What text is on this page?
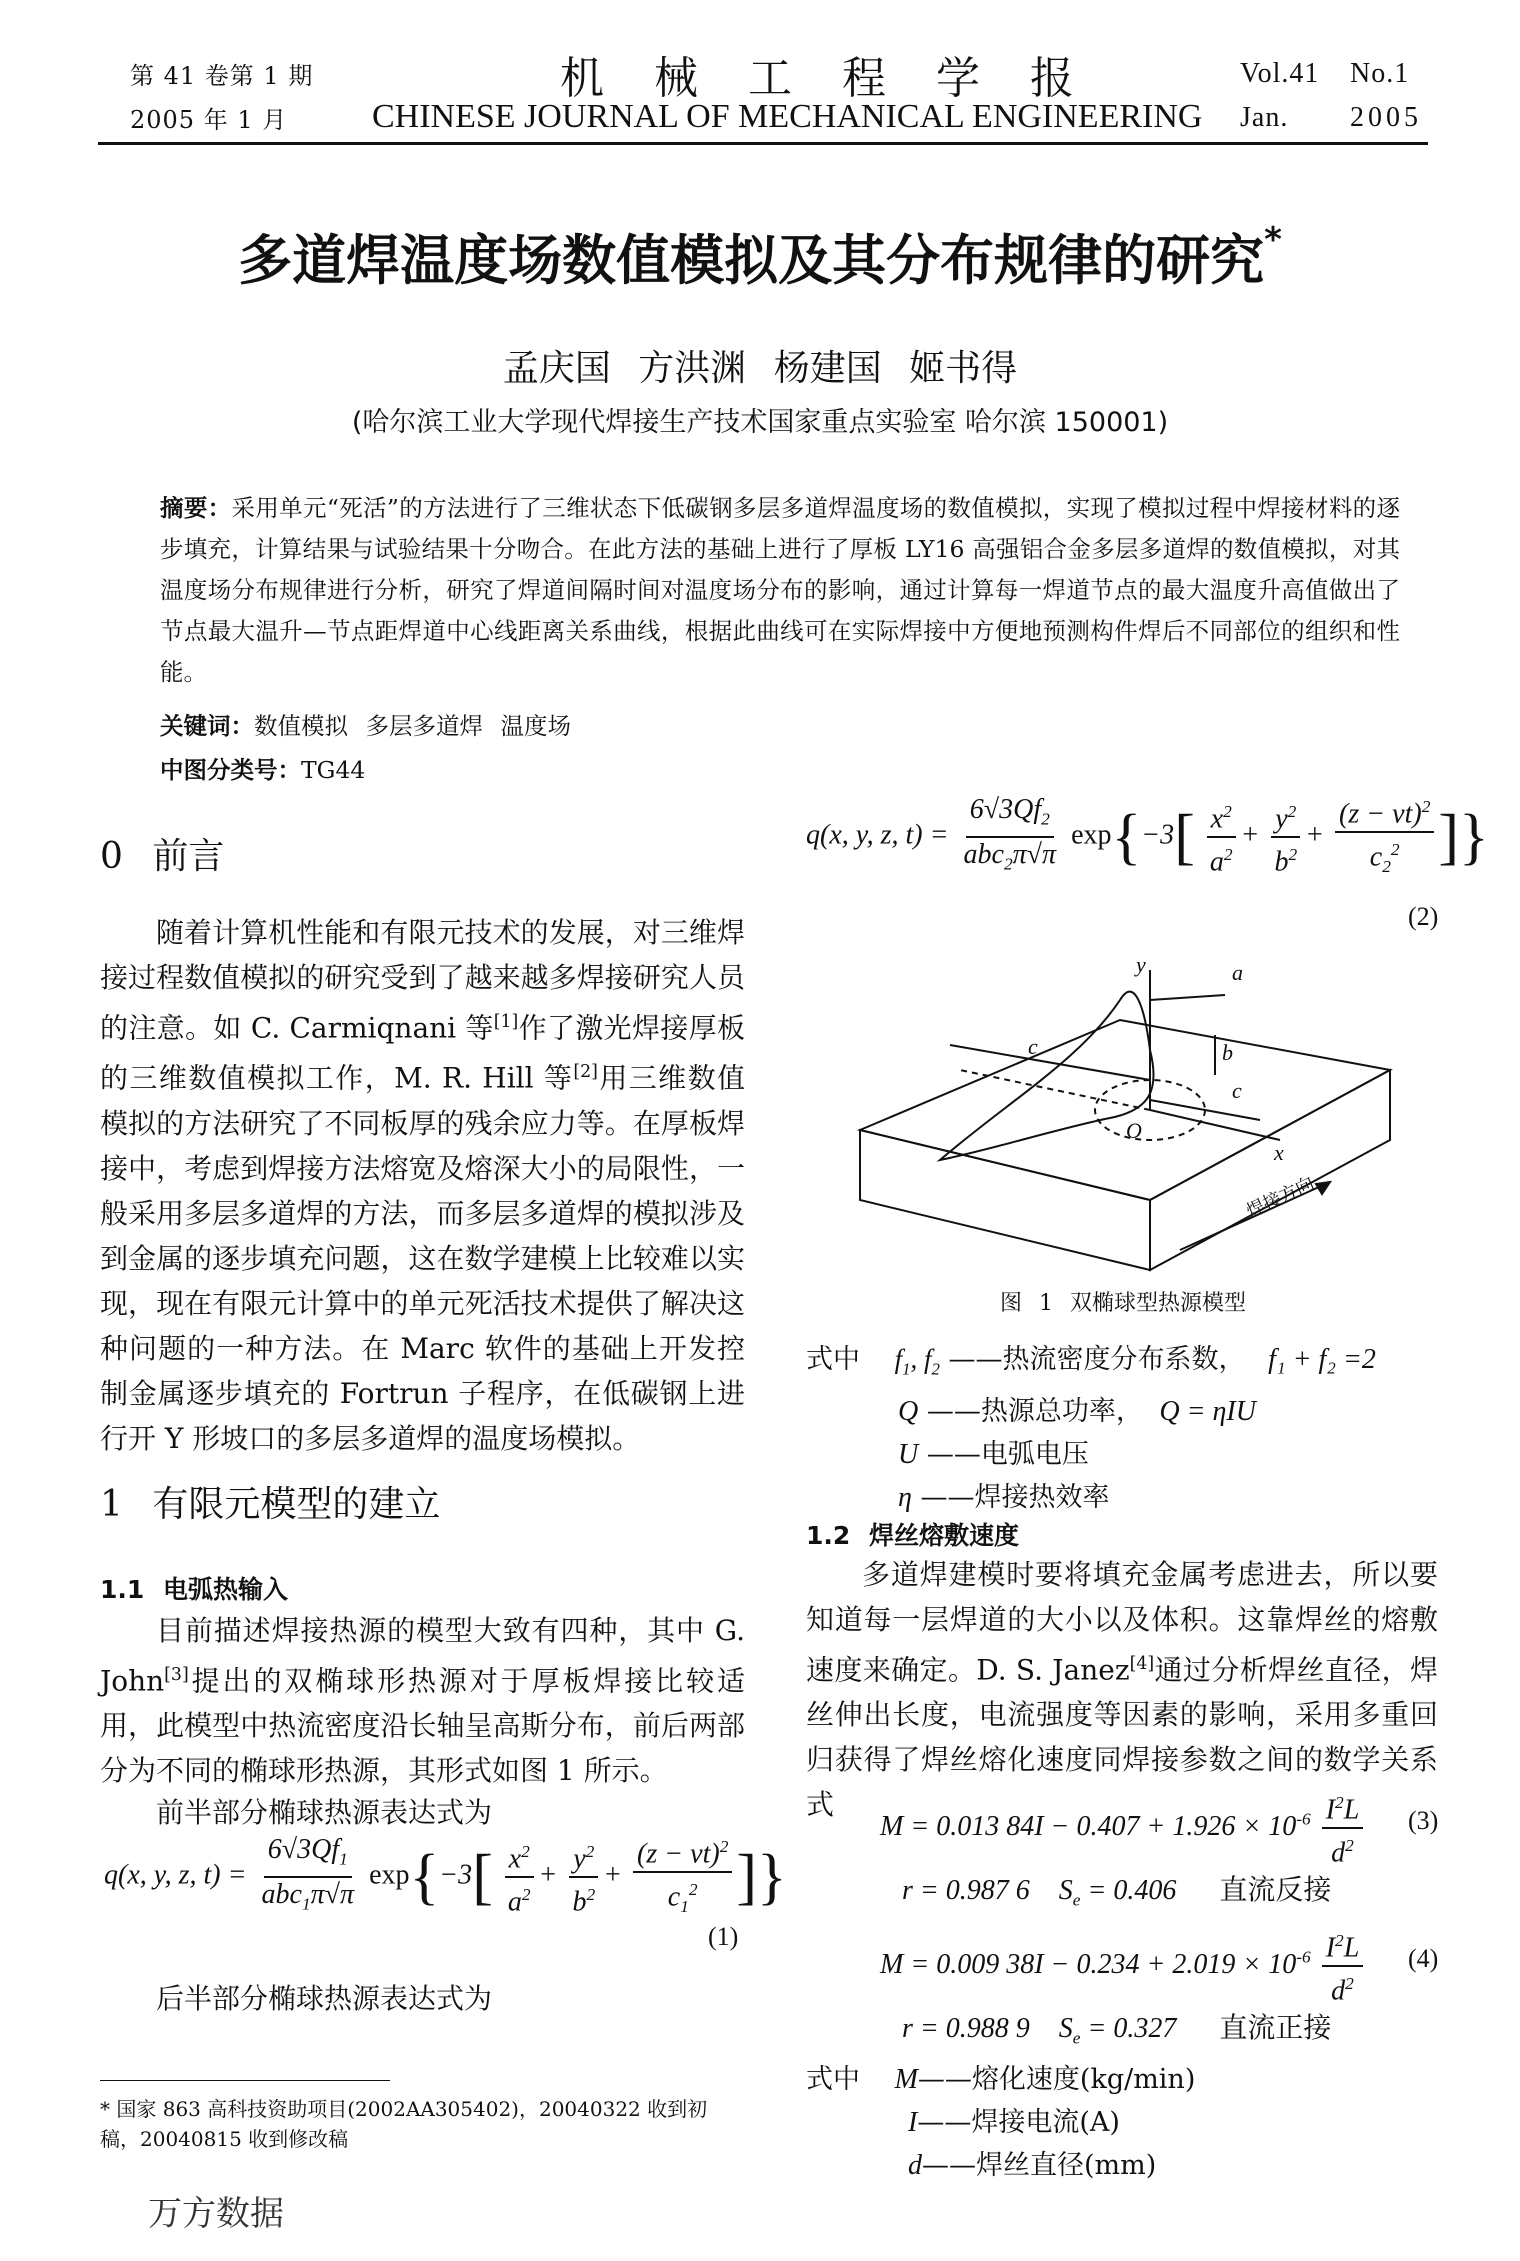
第 41 卷第 1 期
2005 年 1 月
机 械 工 程 学 报
CHINESE JOURNAL OF MECHANICAL ENGINEERING
Vol.41 No.1
Jan. 2005
多道焊温度场数值模拟及其分布规律的研究*
孟庆国 方洪渊 杨建国 姬书得
(哈尔滨工业大学现代焊接生产技术国家重点实验室 哈尔滨 150001)
摘要：采用单元“死活”的方法进行了三维状态下低碳钢多层多道焊温度场的数值模拟，实现了模拟过程中焊接材料的逐步填充，计算结果与试验结果十分吻合。在此方法的基础上进行了厚板 LY16 高强铝合金多层多道焊的数值模拟，对其温度场分布规律进行分析，研究了焊道间隔时间对温度场分布的影响，通过计算每一焊道节点的最大温度升高值做出了节点最大温升—节点距焊道中心线距离关系曲线，根据此曲线可在实际焊接中方便地预测构件焊后不同部位的组织和性能。
关键词：数值模拟 多层多道焊 温度场
中图分类号：TG44
0 前言
随着计算机性能和有限元技术的发展，对三维焊接过程数值模拟的研究受到了越来越多焊接研究人员的注意。如 C. Carmiqnani 等[1]作了激光焊接厚板的三维数值模拟工作，M. R. Hill 等[2]用三维数值模拟的方法研究了不同板厚的残余应力等。在厚板焊接中，考虑到焊接方法熔宽及熔深大小的局限性，一般采用多层多道焊的方法，而多层多道焊的模拟涉及到金属的逐步填充问题，这在数学建模上比较难以实现，现在有限元计算中的单元死活技术提供了解决这种问题的一种方法。在 Marc 软件的基础上开发控制金属逐步填充的 Fortrun 子程序，在低碳钢上进行开 Y 形坡口的多层多道焊的温度场模拟。
1 有限元模型的建立
1.1 电弧热输入
目前描述焊接热源的模型大致有四种，其中 G. John[3]提出的双椭球形热源对于厚板焊接比较适用，此模型中热流密度沿长轴呈高斯分布，前后两部分为不同的椭球形热源，其形式如图 1 所示。
前半部分椭球热源表达式为
q(x, y, z, $t) = \frac{6√3Qf_1}{abc_1\pi√\pi} \exp\{-3[ \frac{x^2}{a^2} + \frac{y^2}{b^2} + \frac{(z - vt)^2}{c_1^2}$ ]}
(1)
后半部分椭球热源表达式为
* 国家 863 高科技资助项目(2002AA305402)，20040322 收到初稿，20040815 收到修改稿
万方数据
q(x, y, z, $t) = \frac{6√3Qf_2}{abc_2\pi√\pi} \exp\{-3[ \frac{x^2}{a^2} + \frac{y^2}{b^2} + \frac{(z - vt)^2}{c_2^2}$ ]}
(2)
y	a
b
c
c
O
x
焊接方向
图 1 双椭球型热源模型
式中 $f_1$, $f_2$ ——热流密度分布系数， f₁ + f₂ =2
Q ——热源总功率， Q = ηIU
U ——电弧电压
η ——焊接热效率
1.2 焊丝熔敷速度
多道焊建模时要将填充金属考虑进去，所以要知道每一层焊道的大小以及体积。这靠焊丝的熔敷速度来确定。D. S. Janez[4]通过分析焊丝直径，焊丝伸出长度，电流强度等因素的影响，采用多重回归获得了焊丝熔化速度同焊接参数之间的数学关系式
M = 0.013 $84I - 0.407 + 1.926 \times 10^{-6} \frac{I^2L}{d^2} (3)$
r = 0.987 6 $S_e = 0.406$ 直流反接
M = 0.009 $38I - 0.234 + 2.019 \times 10^{-6} \frac{I^2L}{d^2} (4)$
r = 0.988 9 $S_e = 0.327$ 直流正接
式中 M——熔化速度(kg/min)
I——焊接电流(A)
d——焊丝直径(mm)
